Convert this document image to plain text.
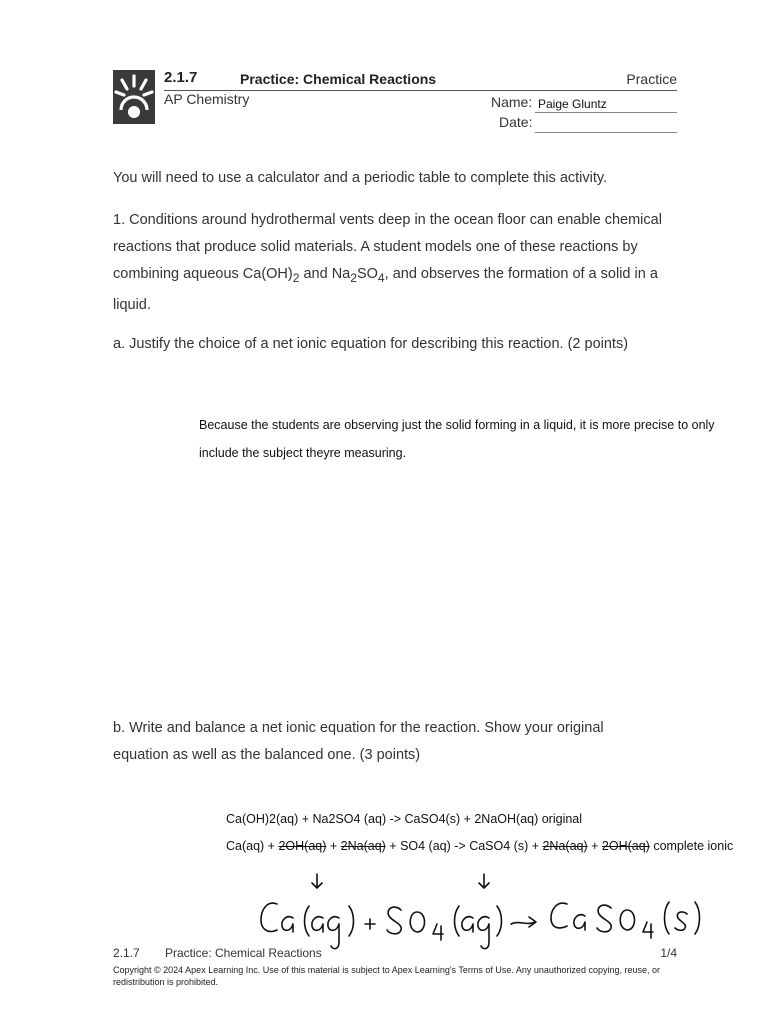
2.1.7	Practice: Chemical Reactions	Practice
AP Chemistry	Name: Paige Gluntz
Date:
You will need to use a calculator and a periodic table to complete this activity.
1. Conditions around hydrothermal vents deep in the ocean floor can enable chemical reactions that produce solid materials. A student models one of these reactions by combining aqueous $Ca(OH)_2$ and $Na_2SO_4$, and observes the formation of a solid in a liquid.
a. Justify the choice of a net ionic equation for describing this reaction. (2 points)
Because the students are observing just the solid forming in a liquid, it is more precise to only include the subject theyre measuring.
b. Write and balance a net ionic equation for the reaction. Show your original equation as well as the balanced one. (3 points)
Ca(OH)2(aq) + Na2SO4 (aq) -> CaSO4(s) + 2NaOH(aq) original
Ca(aq) + 2OH(aq) + 2Na(aq) + SO4 (aq) -> CaSO4 (s) + 2Na(aq) + 2OH(aq) complete ionic
2.1.7 Practice: Chemical Reactions	1/4
Copyright © 2024 Apex Learning Inc. Use of this material is subject to Apex Learning's Terms of Use. Any unauthorized copying, reuse, or redistribution is prohibited.
